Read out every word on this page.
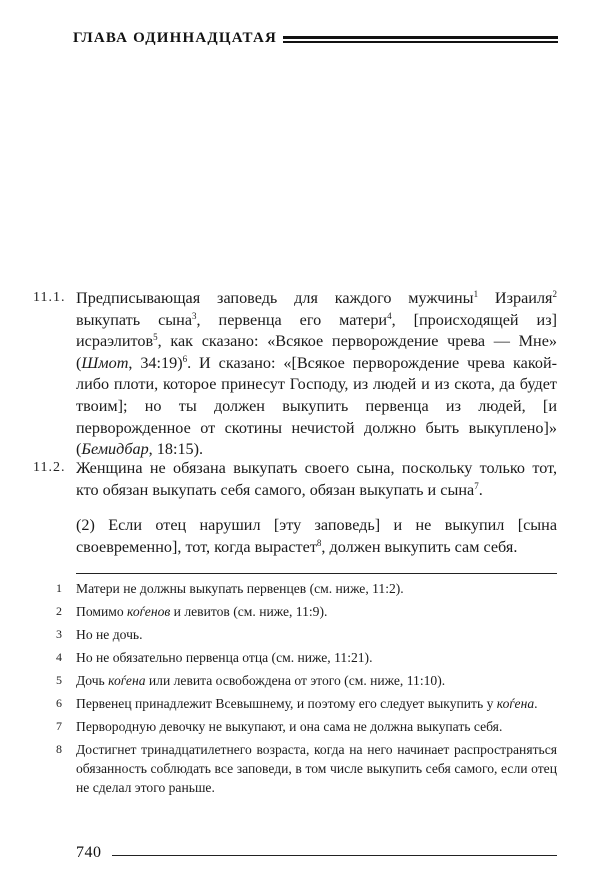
ГЛАВА ОДИННАДЦАТАЯ
11.1. Предписывающая заповедь для каждого мужчины$^1$ Израиля$^2$ выкупать сына$^3$, первенца его матери$^4$, [происходящей из] исраэлитов$^5$, как сказано: «Всякое перворождение чрева — Мне» (Шмот, 34:19)$^6$. И сказано: «[Всякое перворождение чрева какой-либо плоти, которое принесут Господу, из людей и из скота, да будет твоим]; но ты должен выкупить первенца из людей, [и перворожденное от скотины нечистой должно быть выкуплено]» (Бемидбар, 18:15).
11.2. Женщина не обязана выкупать своего сына, поскольку только тот, кто обязан выкупать себя самого, обязан выкупать и сына$^7$.
(2) Если отец нарушил [эту заповедь] и не выкупил [сына своевременно], тот, когда вырастет$^8$, должен выкупить сам себя.
1 Матери не должны выкупать первенцев (см. ниже, 11:2).
2 Помимо коѓенов и левитов (см. ниже, 11:9).
3 Но не дочь.
4 Но не обязательно первенца отца (см. ниже, 11:21).
5 Дочь коѓена или левита освобождена от этого (см. ниже, 11:10).
6 Первенец принадлежит Всевышнему, и поэтому его следует выкупить у коѓена.
7 Первородную девочку не выкупают, и она сама не должна выкупать себя.
8 Достигнет тринадцатилетнего возраста, когда на него начинает распространяться обязанность соблюдать все заповеди, в том числе выкупить себя самого, если отец не сделал этого раньше.
740
